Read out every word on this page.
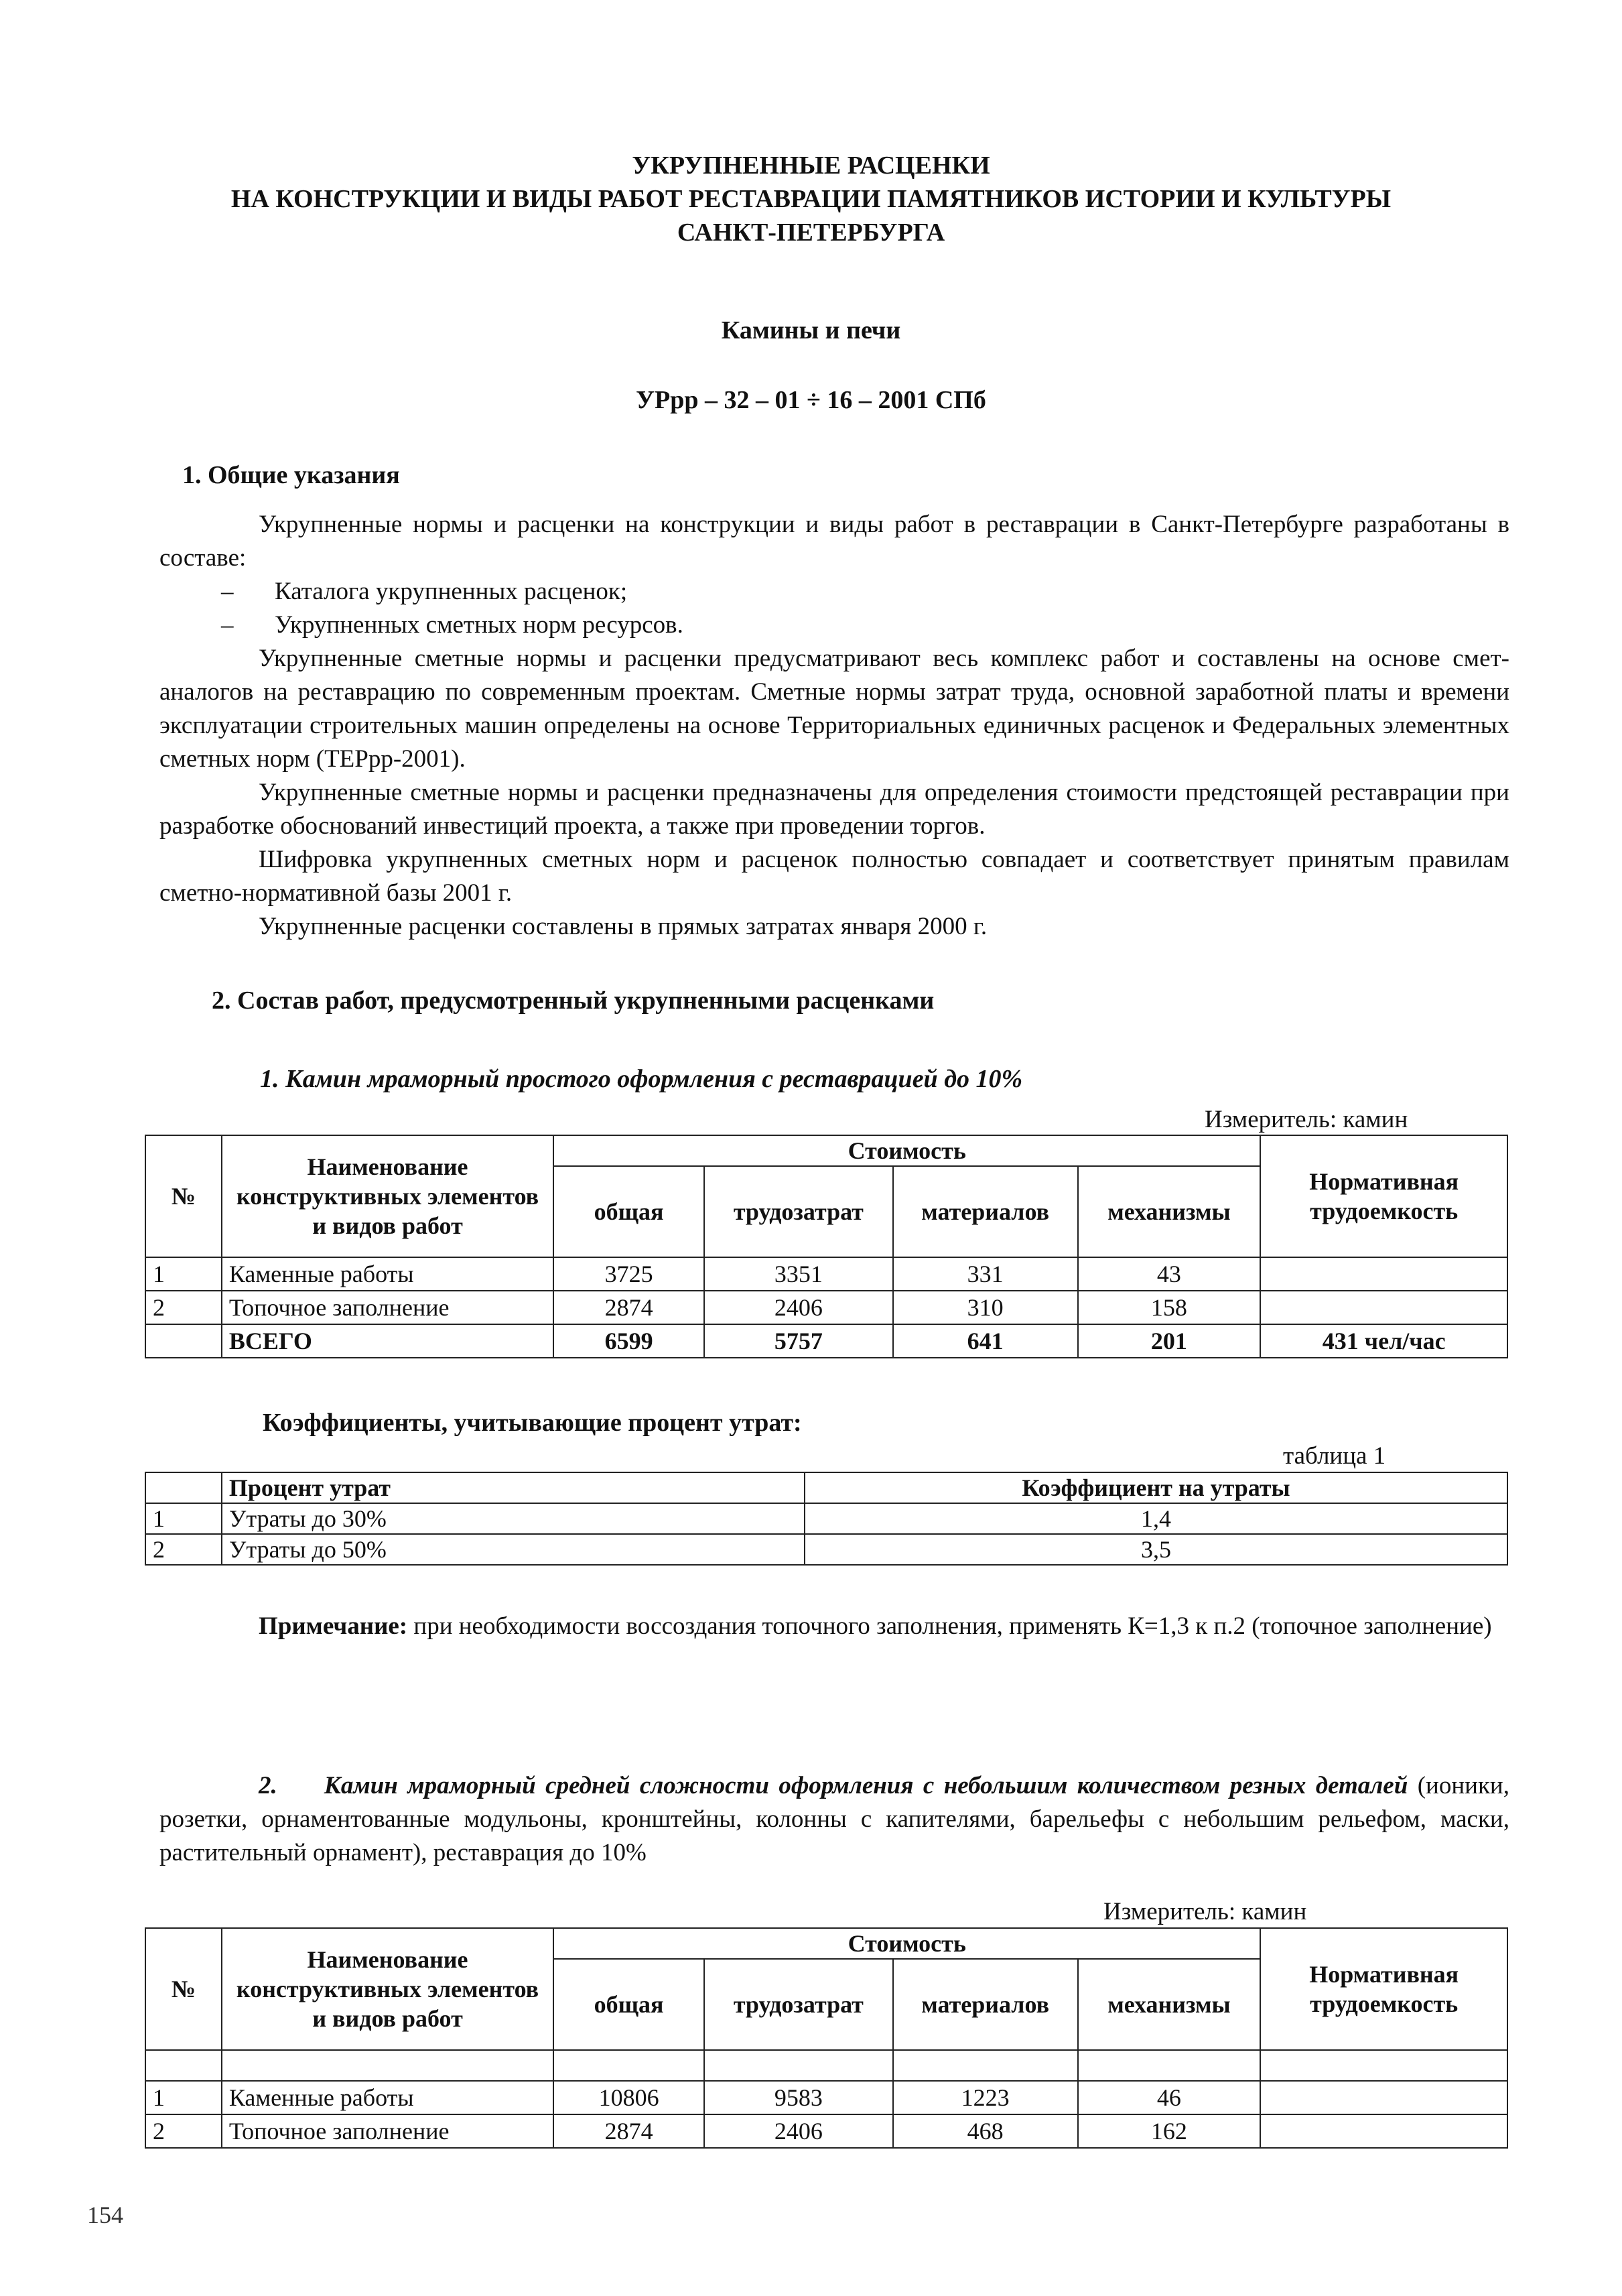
УКРУПНЕННЫЕ РАСЦЕНКИ
НА КОНСТРУКЦИИ И ВИДЫ РАБОТ РЕСТАВРАЦИИ ПАМЯТНИКОВ ИСТОРИИ И КУЛЬТУРЫ
САНКТ-ПЕТЕРБУРГА
Камины и печи
УРрр – 32 – 01 ÷ 16 – 2001 СПб
1. Общие указания
Укрупненные нормы и расценки на конструкции и виды работ в реставрации в Санкт-Петербурге разработаны в составе:
– Каталога укрупненных расценок;
– Укрупненных сметных норм ресурсов.
Укрупненные сметные нормы и расценки предусматривают весь комплекс работ и составлены на основе смет-аналогов на реставрацию по современным проектам. Сметные нормы затрат труда, основной заработной платы и времени эксплуатации строительных машин определены на основе Территориальных единичных расценок и Федеральных элементных сметных норм (ТЕРрр-2001).
Укрупненные сметные нормы и расценки предназначены для определения стоимости предстоящей реставрации при разработке обоснований инвестиций проекта, а также при проведении торгов.
Шифровка укрупненных сметных норм и расценок полностью совпадает и соответствует принятым правилам сметно-нормативной базы 2001 г.
Укрупненные расценки составлены в прямых затратах января 2000 г.
2. Состав работ, предусмотренный укрупненными расценками
1. Камин мраморный простого оформления с реставрацией до 10%
Измеритель: камин
№	Наименование конструктивных элементов и видов работ	Стоимость				Нормативная трудоемкость
		общая	трудозатрат	материалов	механизмы	
1	Каменные работы	3725	3351	331	43	
2	Топочное заполнение	2874	2406	310	158	
	ВСЕГО	6599	5757	641	201	431 чел/час
Коэффициенты, учитывающие процент утрат:
таблица 1
	Процент утрат	Коэффициент на утраты
1	Утраты до 30%	1,4
2	Утраты до 50%	3,5
Примечание: при необходимости воссоздания топочного заполнения, применять К=1,3 к п.2 (топочное заполнение)
2. Камин мраморный средней сложности оформления с небольшим количеством резных деталей (ионики, розетки, орнаментованные модульоны, кронштейны, колонны с капителями, барельефы с небольшим рельефом, маски, растительный орнамент), реставрация до 10%
Измеритель: камин
№	Наименование конструктивных элементов и видов работ	Стоимость				Нормативная трудоемкость
		общая	трудозатрат	материалов	механизмы	

1	Каменные работы	10806	9583	1223	46	
2	Топочное заполнение	2874	2406	468	162	
154
